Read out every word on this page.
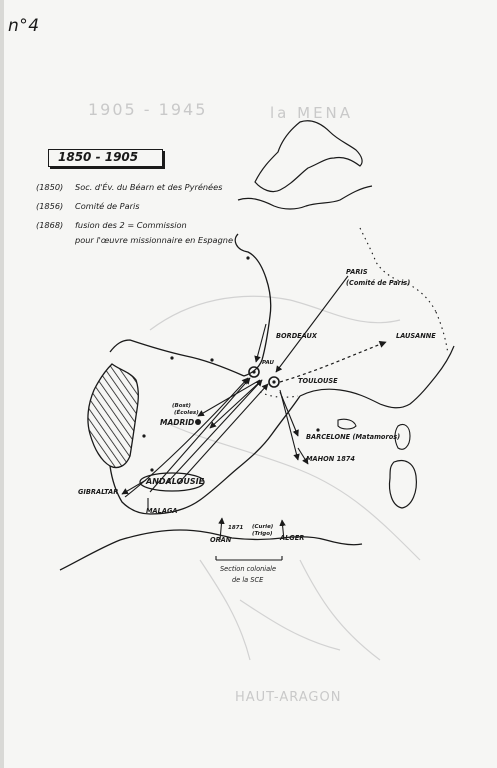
1905 - 1945	la MENA
HAUT-ARAGON
n°4
1850 - 1905
(1850) Soc. d'Év. du Béarn et des Pyrénées
(1856) Comité de Paris
(1868) fusion des 2 = Commission
pour l'œuvre missionnaire en Espagne
PARIS
(Comité de Paris)
BORDEAUX	LAUSANNE
PAU
TOULOUSE
(Bost)
(Écoles)
MADRID
BARCELONE (Matamoros)
MAHON 1874
ANDALOUSIE
GIBRALTAR
MALAGA
1871 (Curie)
(Trigo)
ORAN	ALGER
Section coloniale
de la SCE
